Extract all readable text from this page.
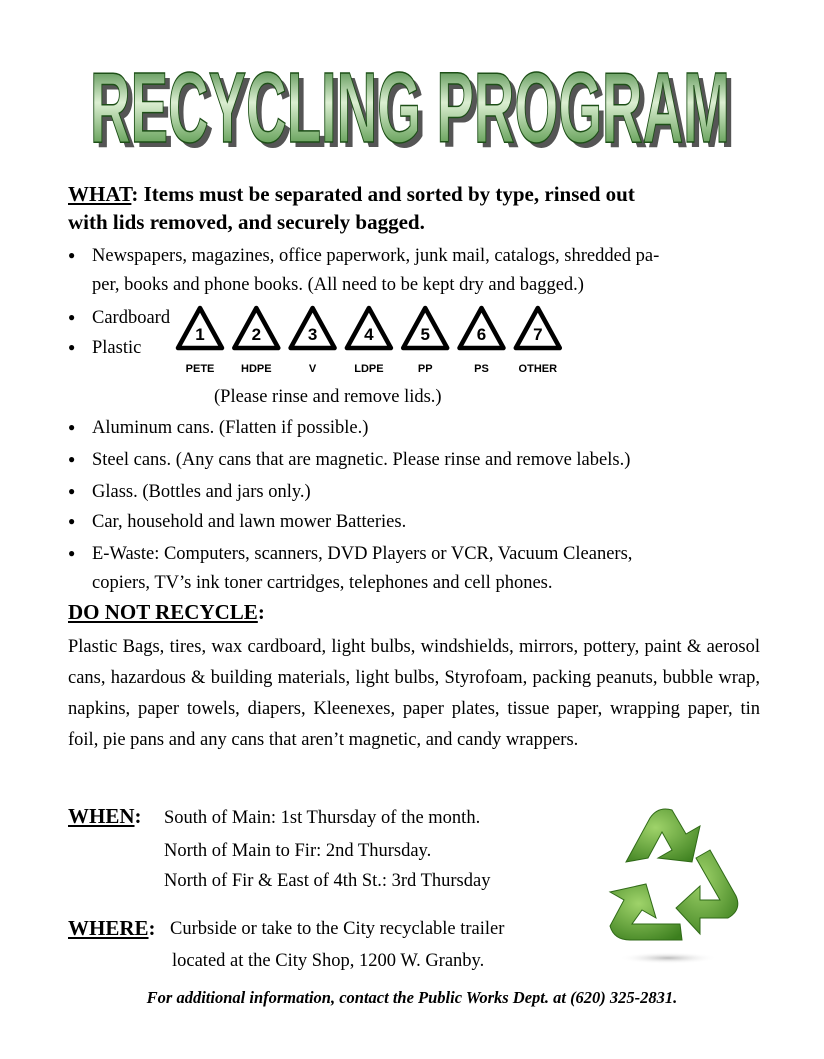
RECYCLING PROGRAM
RECYCLING PROGRAM
WHAT: Items must be separated and sorted by type, rinsed out
with lids removed, and securely bagged.
● Newspapers, magazines, office paperwork, junk mail, catalogs, shredded pa-
per, books and phone books. (All need to be kept dry and bagged.)
● Cardboard
● Plastic
(Please rinse and remove lids.)
● Aluminum cans. (Flatten if possible.)
● Steel cans. (Any cans that are magnetic. Please rinse and remove labels.)
● Glass. (Bottles and jars only.)
● Car, household and lawn mower Batteries.
● E-Waste: Computers, scanners, DVD Players or VCR, Vacuum Cleaners,
copiers, TV’s ink toner cartridges, telephones and cell phones.
1
PETE
2
HDPE
3
V
4
LDPE
5
PP
6
PS
7
OTHER
DO NOT RECYCLE:
Plastic Bags, tires, wax cardboard, light bulbs, windshields, mirrors, pottery, paint & aerosol cans, hazardous & building materials, light bulbs, Styrofoam, packing peanuts, bubble wrap, napkins, paper towels, diapers, Kleenexes, paper plates, tissue paper, wrapping paper, tin foil, pie pans and any cans that aren’t magnetic, and candy wrappers.
WHEN: South of Main: 1st Thursday of the month.
North of Main to Fir: 2nd Thursday.
North of Fir & East of 4th St.: 3rd Thursday
WHERE: Curbside or take to the City recyclable trailer
located at the City Shop, 1200 W. Granby.
For additional information, contact the Public Works Dept. at (620) 325-2831.
